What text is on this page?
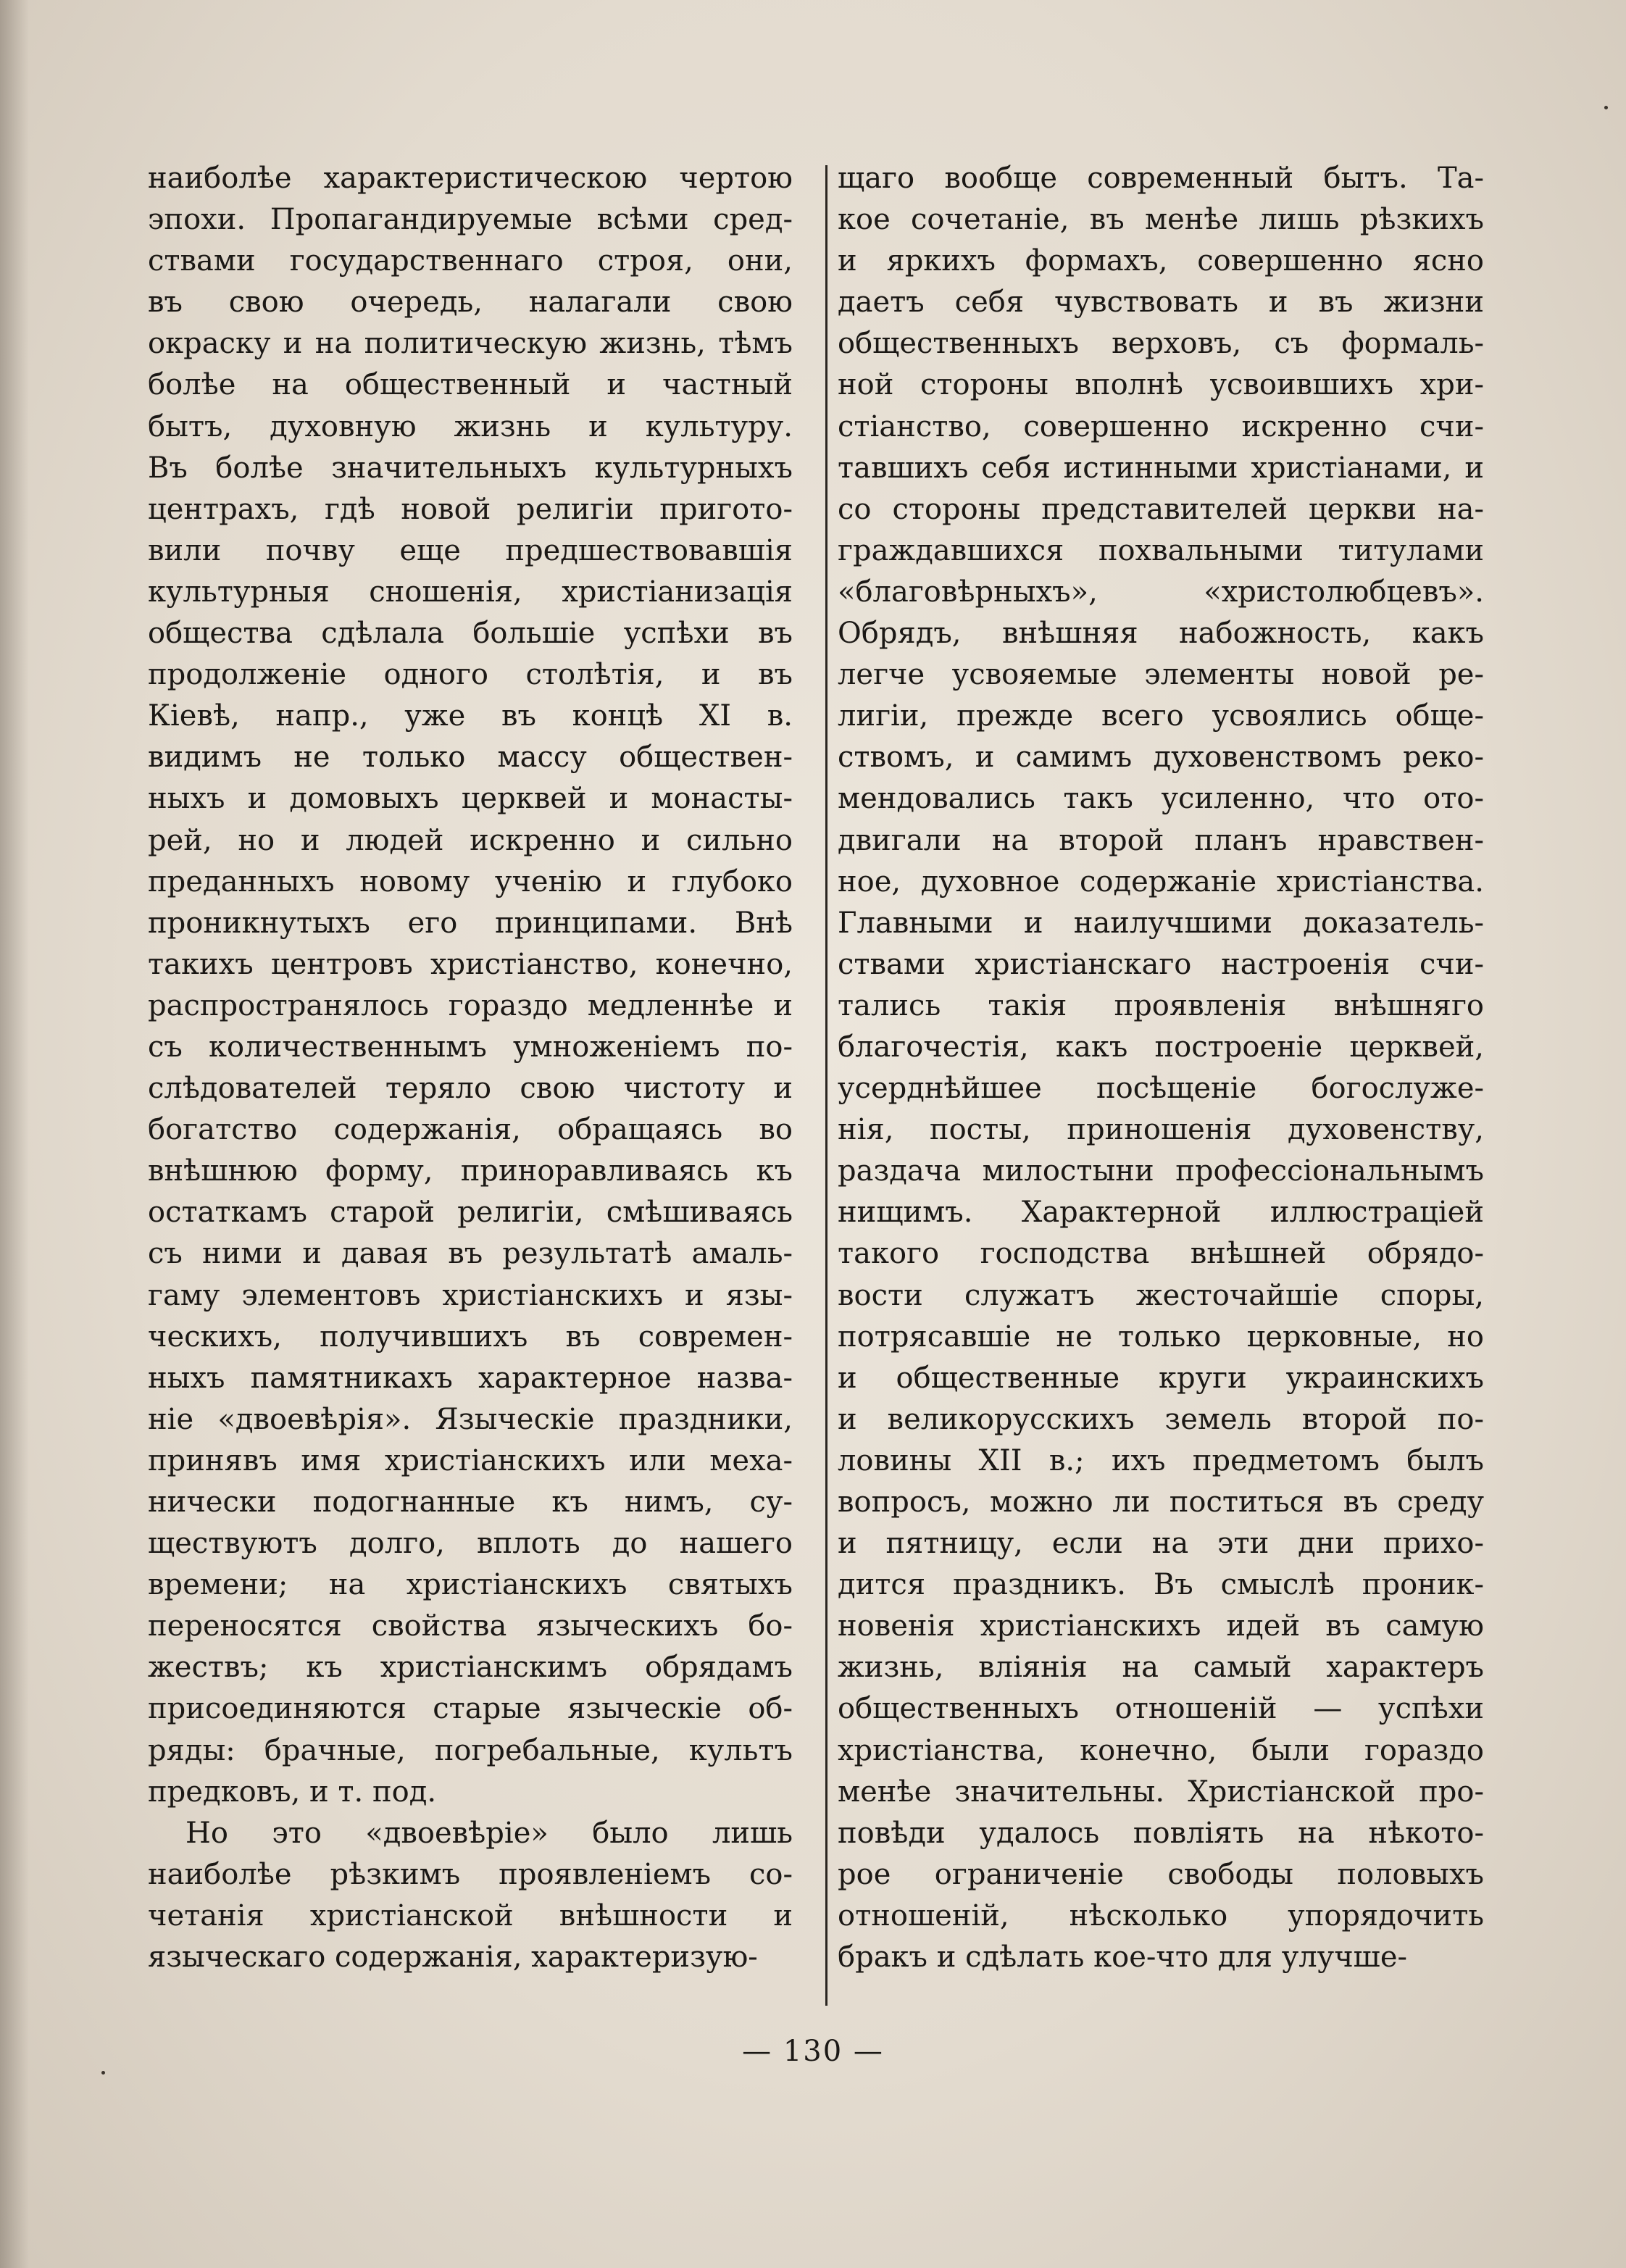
наиболѣе характеристическою чертою
эпохи. Пропагандируемые всѣми сред-
ствами государственнаго строя, они,
въ свою очередь, налагали свою
окраску и на политическую жизнь, тѣмъ
болѣе на общественный и частный
бытъ, духовную жизнь и культуру.
Въ болѣе значительныхъ культурныхъ
центрахъ, гдѣ новой религіи пригото-
вили почву еще предшествовавшія
культурныя сношенія, христіанизація
общества сдѣлала большіе успѣхи въ
продолженіе одного столѣтія, и въ
Кіевѣ, напр., уже въ концѣ XI в.
видимъ не только массу обществен-
ныхъ и домовыхъ церквей и монасты-
рей, но и людей искренно и сильно
преданныхъ новому ученію и глубоко
проникнутыхъ его принципами. Внѣ
такихъ центровъ христіанство, конечно,
распространялось гораздо медленнѣе и
съ количественнымъ умноженіемъ по-
слѣдователей теряло свою чистоту и
богатство содержанія, обращаясь во
внѣшнюю форму, приноравливаясь къ
остаткамъ старой религіи, смѣшиваясь
съ ними и давая въ результатѣ амаль-
гаму элементовъ христіанскихъ и язы-
ческихъ, получившихъ въ современ-
ныхъ памятникахъ характерное назва-
ніе «двоевѣрія». Языческіе праздники,
принявъ имя христіанскихъ или меха-
нически подогнанные къ нимъ, су-
ществуютъ долго, вплоть до нашего
времени; на христіанскихъ святыхъ
переносятся свойства языческихъ бо-
жествъ; къ христіанскимъ обрядамъ
присоединяются старые языческіе об-
ряды: брачные, погребальные, культъ
предковъ, и т. под.
Но это «двоевѣріе» было лишь
наиболѣе рѣзкимъ проявленіемъ со-
четанія христіанской внѣшности и
языческаго содержанія, характеризую-
щаго вообще современный бытъ. Та-
кое сочетаніе, въ менѣе лишь рѣзкихъ
и яркихъ формахъ, совершенно ясно
даетъ себя чувствовать и въ жизни
общественныхъ верховъ, съ формаль-
ной стороны вполнѣ усвоившихъ хри-
стіанство, совершенно искренно счи-
тавшихъ себя истинными христіанами, и
со стороны представителей церкви на-
граждавшихся похвальными титулами
«благовѣрныхъ», «христолюбцевъ».
Обрядъ, внѣшняя набожность, какъ
легче усвояемые элементы новой ре-
лигіи, прежде всего усвоялись обще-
ствомъ, и самимъ духовенствомъ реко-
мендовались такъ усиленно, что ото-
двигали на второй планъ нравствен-
ное, духовное содержаніе христіанства.
Главными и наилучшими доказатель-
ствами христіанскаго настроенія счи-
тались такія проявленія внѣшняго
благочестія, какъ построеніе церквей,
усерднѣйшее посѣщеніе богослуже-
нія, посты, приношенія духовенству,
раздача милостыни профессіональнымъ
нищимъ. Характерной иллюстраціей
такого господства внѣшней обрядо-
вости служатъ жесточайшіе споры,
потрясавшіе не только церковные, но
и общественные круги украинскихъ
и великорусскихъ земель второй по-
ловины XII в.; ихъ предметомъ былъ
вопросъ, можно ли поститься въ среду
и пятницу, если на эти дни прихо-
дится праздникъ. Въ смыслѣ проник-
новенія христіанскихъ идей въ самую
жизнь, вліянія на самый характеръ
общественныхъ отношеній — успѣхи
христіанства, конечно, были гораздо
менѣе значительны. Христіанской про-
повѣди удалось повліять на нѣкото-
рое ограниченіе свободы половыхъ
отношеній, нѣсколько упорядочить
бракъ и сдѣлать кое-что для улучше-
— 130 —
